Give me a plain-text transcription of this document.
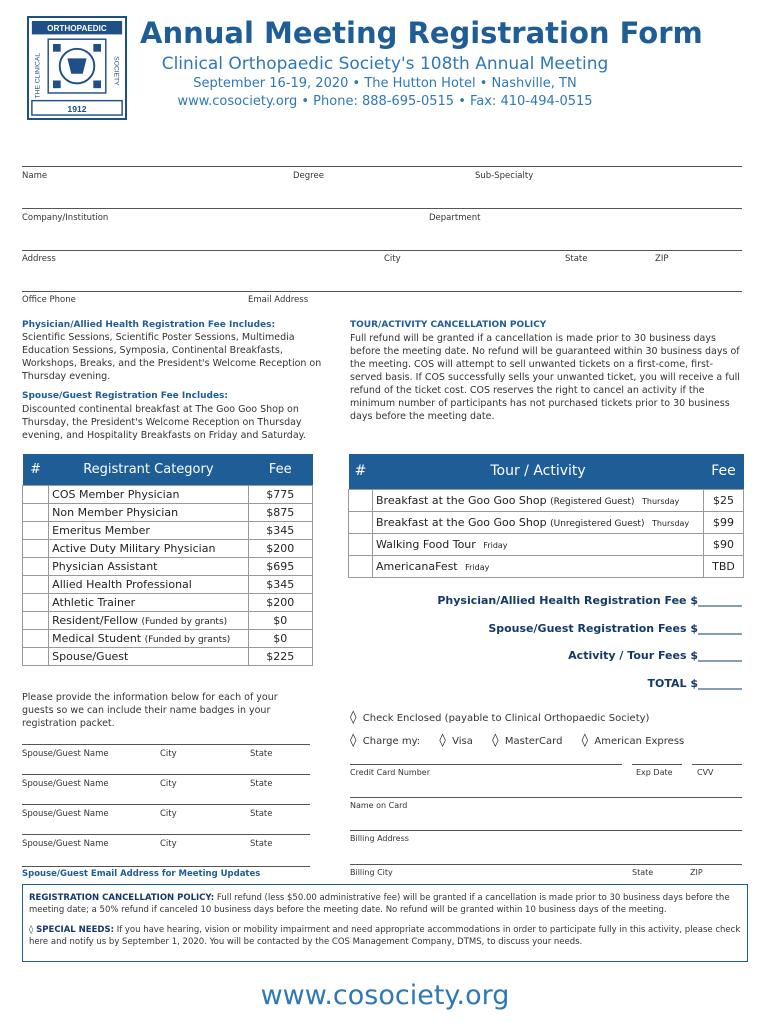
ORTHOPAEDIC
THE CLINICAL	SOCIETY
1912
Annual Meeting Registration Form
Clinical Orthopaedic Society's 108th Annual Meeting
September 16-19, 2020 • The Hutton Hotel • Nashville, TN
www.cosociety.org • Phone: 888-695-0515 • Fax: 410-494-0515
Name	Degree	Sub-Specialty
Company/Institution	Department
Address	City	State	ZIP
Office Phone	Email Address
Physician/Allied Health Registration Fee Includes:
Scientific Sessions, Scientific Poster Sessions, Multimedia Education Sessions, Symposia, Continental Breakfasts, Workshops, Breaks, and the President's Welcome Reception on Thursday evening.
Spouse/Guest Registration Fee Includes:
Discounted continental breakfast at The Goo Goo Shop on Thursday, the President's Welcome Reception on Thursday evening, and Hospitality Breakfasts on Friday and Saturday.
TOUR/ACTIVITY CANCELLATION POLICY
Full refund will be granted if a cancellation is made prior to 30 business days before the meeting date. No refund will be guaranteed within 30 business days of the meeting. COS will attempt to sell unwanted tickets on a first-come, first-served basis. If COS successfully sells your unwanted ticket, you will receive a full refund of the ticket cost. COS reserves the right to cancel an activity if the minimum number of participants has not purchased tickets prior to 30 business days before the meeting date.
#	Registrant Category	Fee
	COS Member Physician	$775
	Non Member Physician	$875
	Emeritus Member	$345
	Active Duty Military Physician	$200
	Physician Assistant	$695
	Allied Health Professional	$345
	Athletic Trainer	$200
	Resident/Fellow (Funded by grants)	$0
	Medical Student (Funded by grants)	$0
	Spouse/Guest	$225
#	Tour / Activity	Fee
	Breakfast at the Goo Goo Shop (Registered Guest) Thursday	$25
	Breakfast at the Goo Goo Shop (Unregistered Guest) Thursday	$99
	Walking Food Tour Friday	$90
	AmericanaFest Friday	TBD
Physician/Allied Health Registration Fee $________
Spouse/Guest Registration Fees $________
Activity / Tour Fees $________
TOTAL $________
Please provide the information below for each of your guests so we can include their name badges in your registration packet.
Spouse/Guest Name	City	State
Spouse/Guest Name	City	State
Spouse/Guest Name	City	State
Spouse/Guest Name	City	State
Spouse/Guest Email Address for Meeting Updates
◊ Check Enclosed (payable to Clinical Orthopaedic Society)
◊ Charge my: ◊ Visa ◊ MasterCard ◊ American Express
Credit Card Number	Exp Date	CVV
Name on Card
Billing Address
Billing City	State	ZIP

REGISTRATION CANCELLATION POLICY: Full refund (less $50.00 administrative fee) will be granted if a cancellation is made prior to 30 business days before the meeting date; a 50% refund if canceled 10 business days before the meeting date. No refund will be granted within 10 business days of the meeting.

◊ SPECIAL NEEDS: If you have hearing, vision or mobility impairment and need appropriate accommodations in order to participate fully in this activity, please check here and notify us by September 1, 2020. You will be contacted by the COS Management Company, DTMS, to discuss your needs.

www.cosociety.org
